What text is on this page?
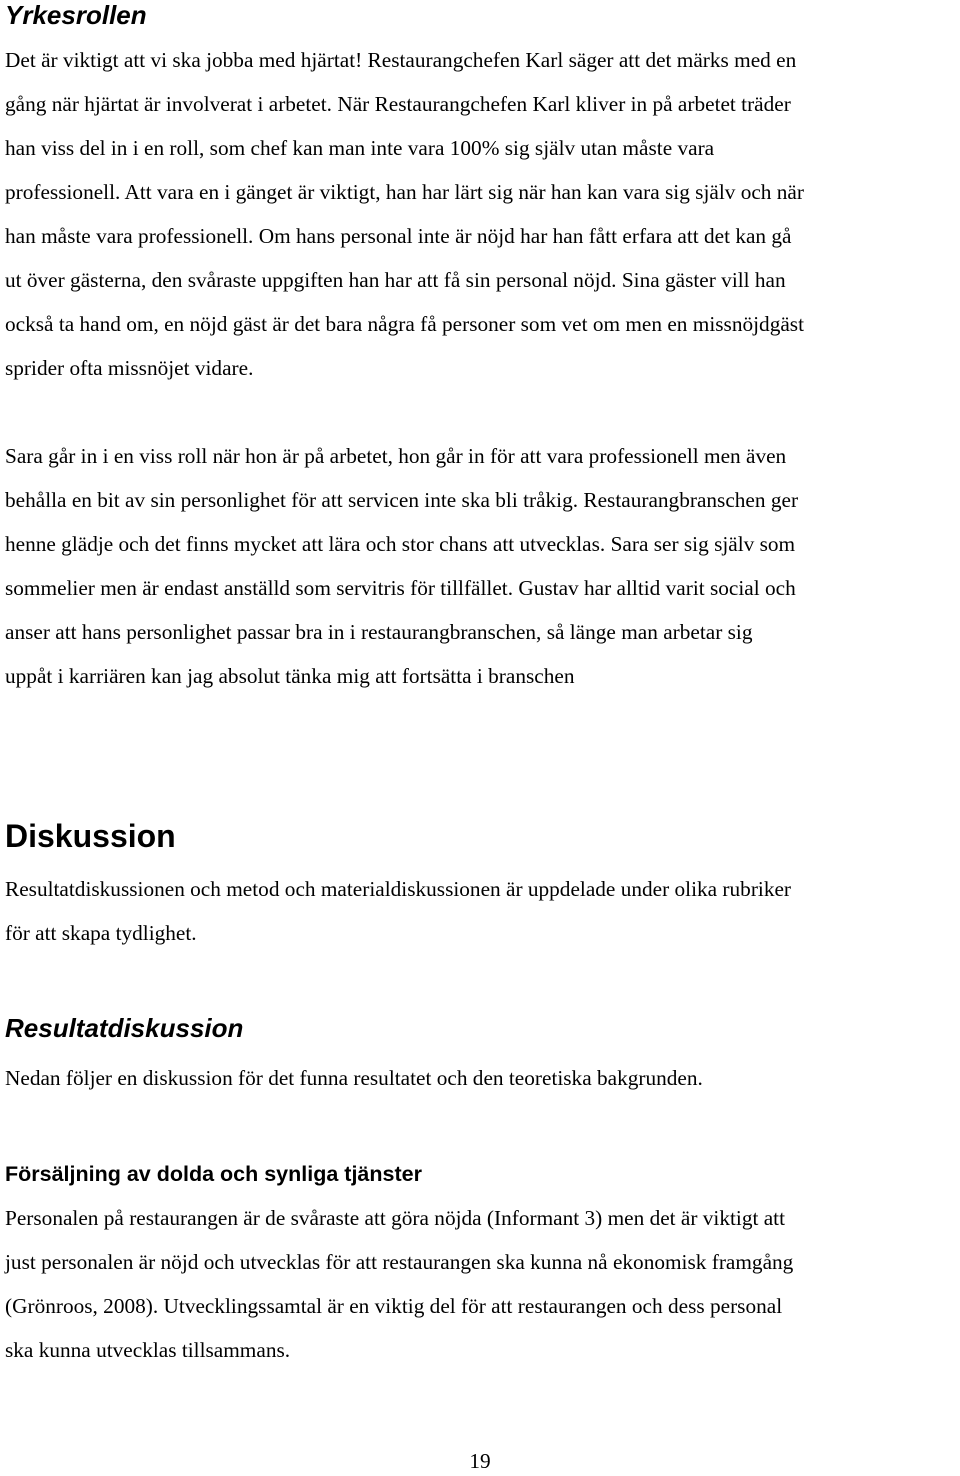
Yrkesrollen

Det är viktigt att vi ska jobba med hjärtat! Restaurangchefen Karl säger att det märks med en
gång när hjärtat är involverat i arbetet. När Restaurangchefen Karl kliver in på arbetet träder
han viss del in i en roll, som chef kan man inte vara 100% sig själv utan måste vara
professionell. Att vara en i gänget är viktigt, han har lärt sig när han kan vara sig själv och när
han måste vara professionell. Om hans personal inte är nöjd har han fått erfara att det kan gå
ut över gästerna, den svåraste uppgiften han har att få sin personal nöjd. Sina gäster vill han
också ta hand om, en nöjd gäst är det bara några få personer som vet om men en missnöjdgäst
sprider ofta missnöjet vidare.

Sara går in i en viss roll när hon är på arbetet, hon går in för att vara professionell men även
behålla en bit av sin personlighet för att servicen inte ska bli tråkig. Restaurangbranschen ger
henne glädje och det finns mycket att lära och stor chans att utvecklas. Sara ser sig själv som
sommelier men är endast anställd som servitris för tillfället. Gustav har alltid varit social och
anser att hans personlighet passar bra in i restaurangbranschen, så länge man arbetar sig
uppåt i karriären kan jag absolut tänka mig att fortsätta i branschen

Diskussion

Resultatdiskussionen och metod och materialdiskussionen är uppdelade under olika rubriker
för att skapa tydlighet.

Resultatdiskussion

Nedan följer en diskussion för det funna resultatet och den teoretiska bakgrunden.

Försäljning av dolda och synliga tjänster

Personalen på restaurangen är de svåraste att göra nöjda (Informant 3) men det är viktigt att
just personalen är nöjd och utvecklas för att restaurangen ska kunna nå ekonomisk framgång
(Grönroos, 2008). Utvecklingssamtal är en viktig del för att restaurangen och dess personal
ska kunna utvecklas tillsammans.

19
